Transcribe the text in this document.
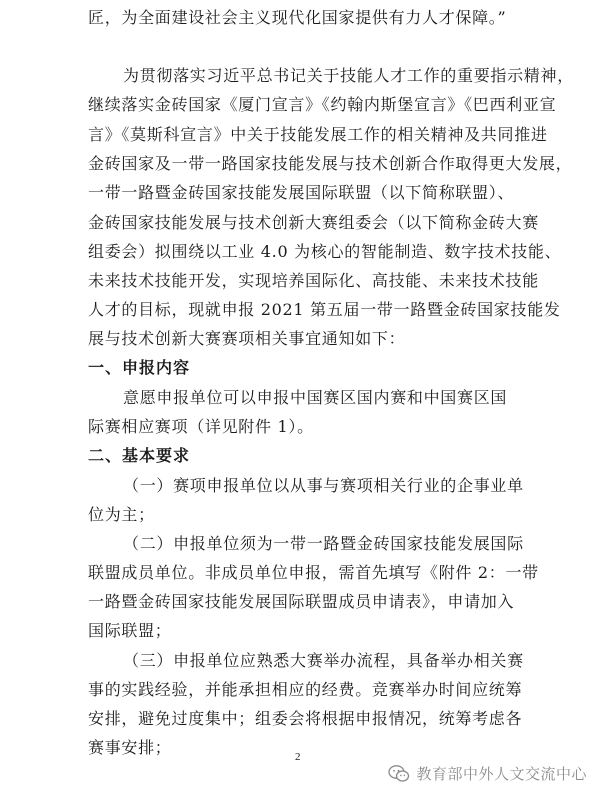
匠，为全面建设社会主义现代化国家提供有力人才保障。”
为贯彻落实习近平总书记关于技能人才工作的重要指示精神，
继续落实金砖国家《厦门宣言》《约翰内斯堡宣言》《巴西利亚宣
言》《莫斯科宣言》中关于技能发展工作的相关精神及共同推进
金砖国家及一带一路国家技能发展与技术创新合作取得更大发展，
一带一路暨金砖国家技能发展国际联盟（以下简称联盟）、
金砖国家技能发展与技术创新大赛组委会（以下简称金砖大赛
组委会）拟围绕以工业 4.0 为核心的智能制造、数字技术技能、
未来技术技能开发，实现培养国际化、高技能、未来技术技能
人才的目标，现就申报 2021 第五届一带一路暨金砖国家技能发
展与技术创新大赛赛项相关事宜通知如下：
一、申报内容
意愿申报单位可以申报中国赛区国内赛和中国赛区国
际赛相应赛项（详见附件 1）。
二、基本要求
（一）赛项申报单位以从事与赛项相关行业的企事业单
位为主；
（二）申报单位须为一带一路暨金砖国家技能发展国际
联盟成员单位。非成员单位申报，需首先填写《附件 2：一带
一路暨金砖国家技能发展国际联盟成员申请表》，申请加入
国际联盟；
（三）申报单位应熟悉大赛举办流程，具备举办相关赛
事的实践经验，并能承担相应的经费。竞赛举办时间应统筹
安排，避免过度集中；组委会将根据申报情况，统筹考虑各
赛事安排；	2
教育部中外人文交流中心
